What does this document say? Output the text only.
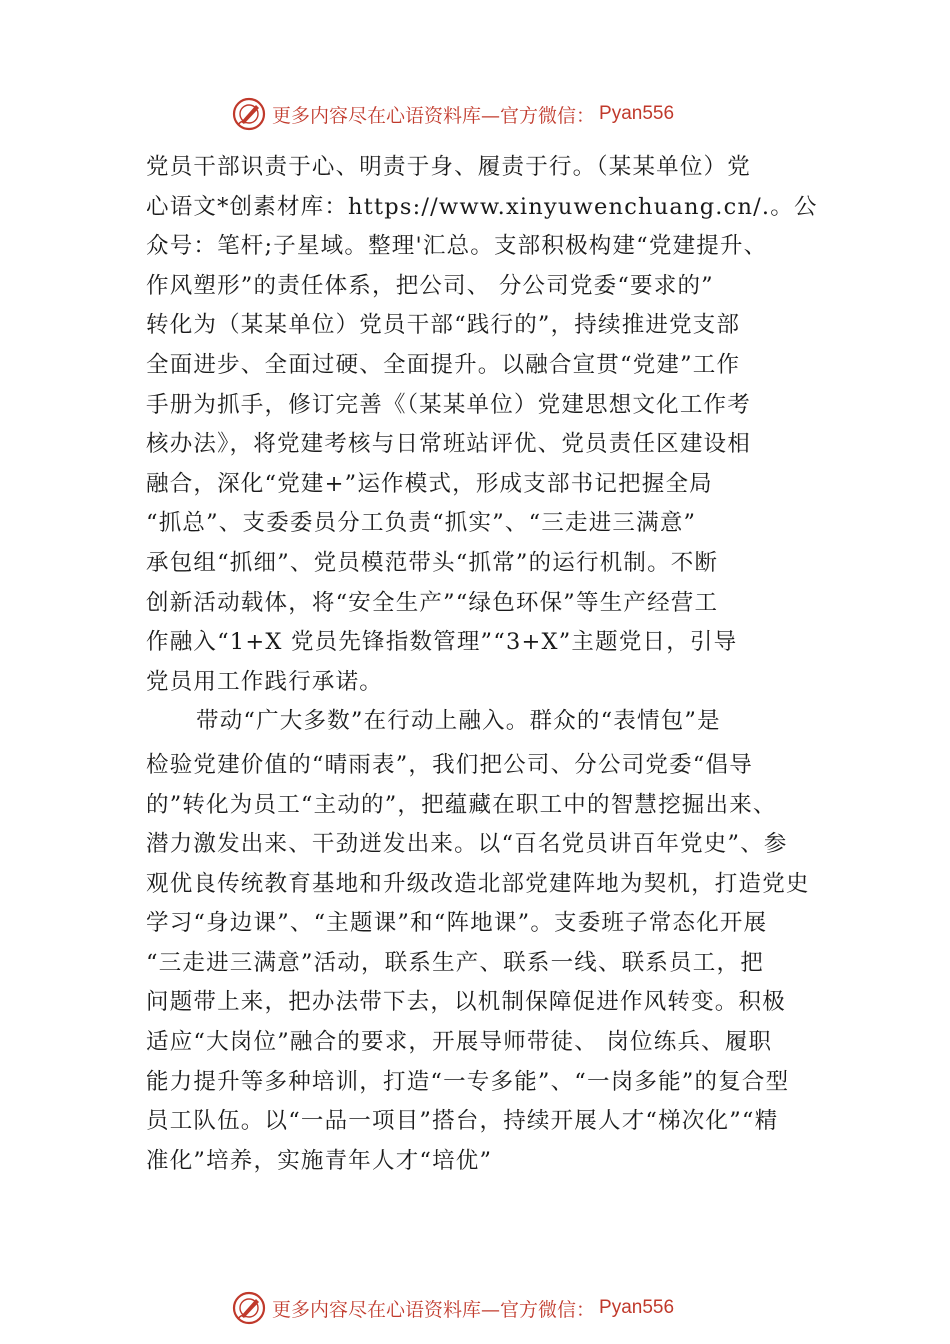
更多内容尽在心语资料库—官方微信： Pyan556
党员干部识责于心、明责于身、履责于行。（某某单位）党
心语文*创素材库：https://www.xinyuwenchuang.cn/.。公
众号：笔杆;子星域。整理'汇总。支部积极构建“党建提升、
作风塑形”的责任体系，把公司、 分公司党委“要求的”
转化为（某某单位）党员干部“践行的”，持续推进党支部
全面进步、全面过硬、全面提升。以融合宣贯“党建”工作
手册为抓手，修订完善《（某某单位）党建思想文化工作考
核办法》，将党建考核与日常班站评优、党员责任区建设相
融合，深化“党建+”运作模式，形成支部书记把握全局
“抓总”、支委委员分工负责“抓实”、“三走进三满意”
承包组“抓细”、党员模范带头“抓常”的运行机制。不断
创新活动载体，将“安全生产”“绿色环保”等生产经营工
作融入“1+X 党员先锋指数管理”“3+X”主题党日，引导
党员用工作践行承诺。
带动“广大多数”在行动上融入。群众的“表情包”是
检验党建价值的“晴雨表”，我们把公司、分公司党委“倡导
的”转化为员工“主动的”，把蕴藏在职工中的智慧挖掘出来、
潜力激发出来、干劲迸发出来。以“百名党员讲百年党史”、参
观优良传统教育基地和升级改造北部党建阵地为契机，打造党史
学习“身边课”、“主题课”和“阵地课”。支委班子常态化开展
“三走进三满意”活动，联系生产、联系一线、联系员工，把
问题带上来，把办法带下去，以机制保障促进作风转变。积极
适应“大岗位”融合的要求，开展导师带徒、 岗位练兵、履职
能力提升等多种培训，打造“一专多能”、“一岗多能”的复合型
员工队伍。以“一品一项目”搭台，持续开展人才“梯次化”“精
准化”培养，实施青年人才“培优”
更多内容尽在心语资料库—官方微信： Pyan556
